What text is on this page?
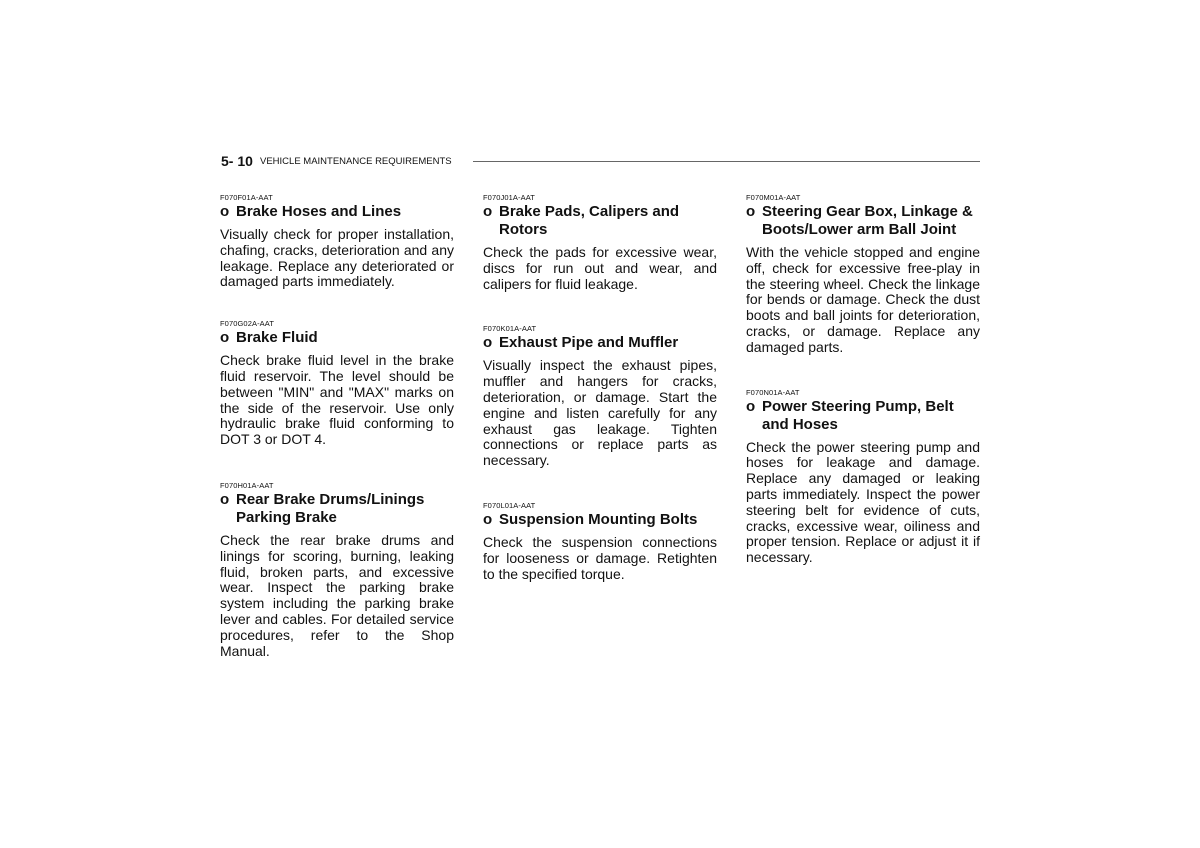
5- 10 VEHICLE MAINTENANCE REQUIREMENTS
F070F01A-AAT
o Brake Hoses and Lines
Visually check for proper installation, chafing, cracks, deterioration and any leakage. Replace any deteriorated or damaged parts immediately.
F070G02A-AAT
o Brake Fluid
Check brake fluid level in the brake fluid reservoir. The level should be between "MIN" and "MAX" marks on the side of the reservoir. Use only hydraulic brake fluid conforming to DOT 3 or DOT 4.
F070H01A-AAT
o Rear Brake Drums/Linings Parking Brake
Check the rear brake drums and linings for scoring, burning, leaking fluid, broken parts, and excessive wear. Inspect the parking brake system including the parking brake lever and cables. For detailed service procedures, refer to the Shop Manual.
F070J01A-AAT
o Brake Pads, Calipers and Rotors
Check the pads for excessive wear, discs for run out and wear, and calipers for fluid leakage.
F070K01A-AAT
o Exhaust Pipe and Muffler
Visually inspect the exhaust pipes, muffler and hangers for cracks, deterioration, or damage. Start the engine and listen carefully for any exhaust gas leakage. Tighten connections or replace parts as necessary.
F070L01A-AAT
o Suspension Mounting Bolts
Check the suspension connections for looseness or damage. Retighten to the specified torque.
F070M01A-AAT
o Steering Gear Box, Linkage & Boots/Lower arm Ball Joint
With the vehicle stopped and engine off, check for excessive free-play in the steering wheel. Check the linkage for bends or damage. Check the dust boots and ball joints for deterioration, cracks, or damage. Replace any damaged parts.
F070N01A-AAT
o Power Steering Pump, Belt and Hoses
Check the power steering pump and hoses for leakage and damage. Replace any damaged or leaking parts immediately. Inspect the power steering belt for evidence of cuts, cracks, excessive wear, oiliness and proper tension. Replace or adjust it if necessary.
